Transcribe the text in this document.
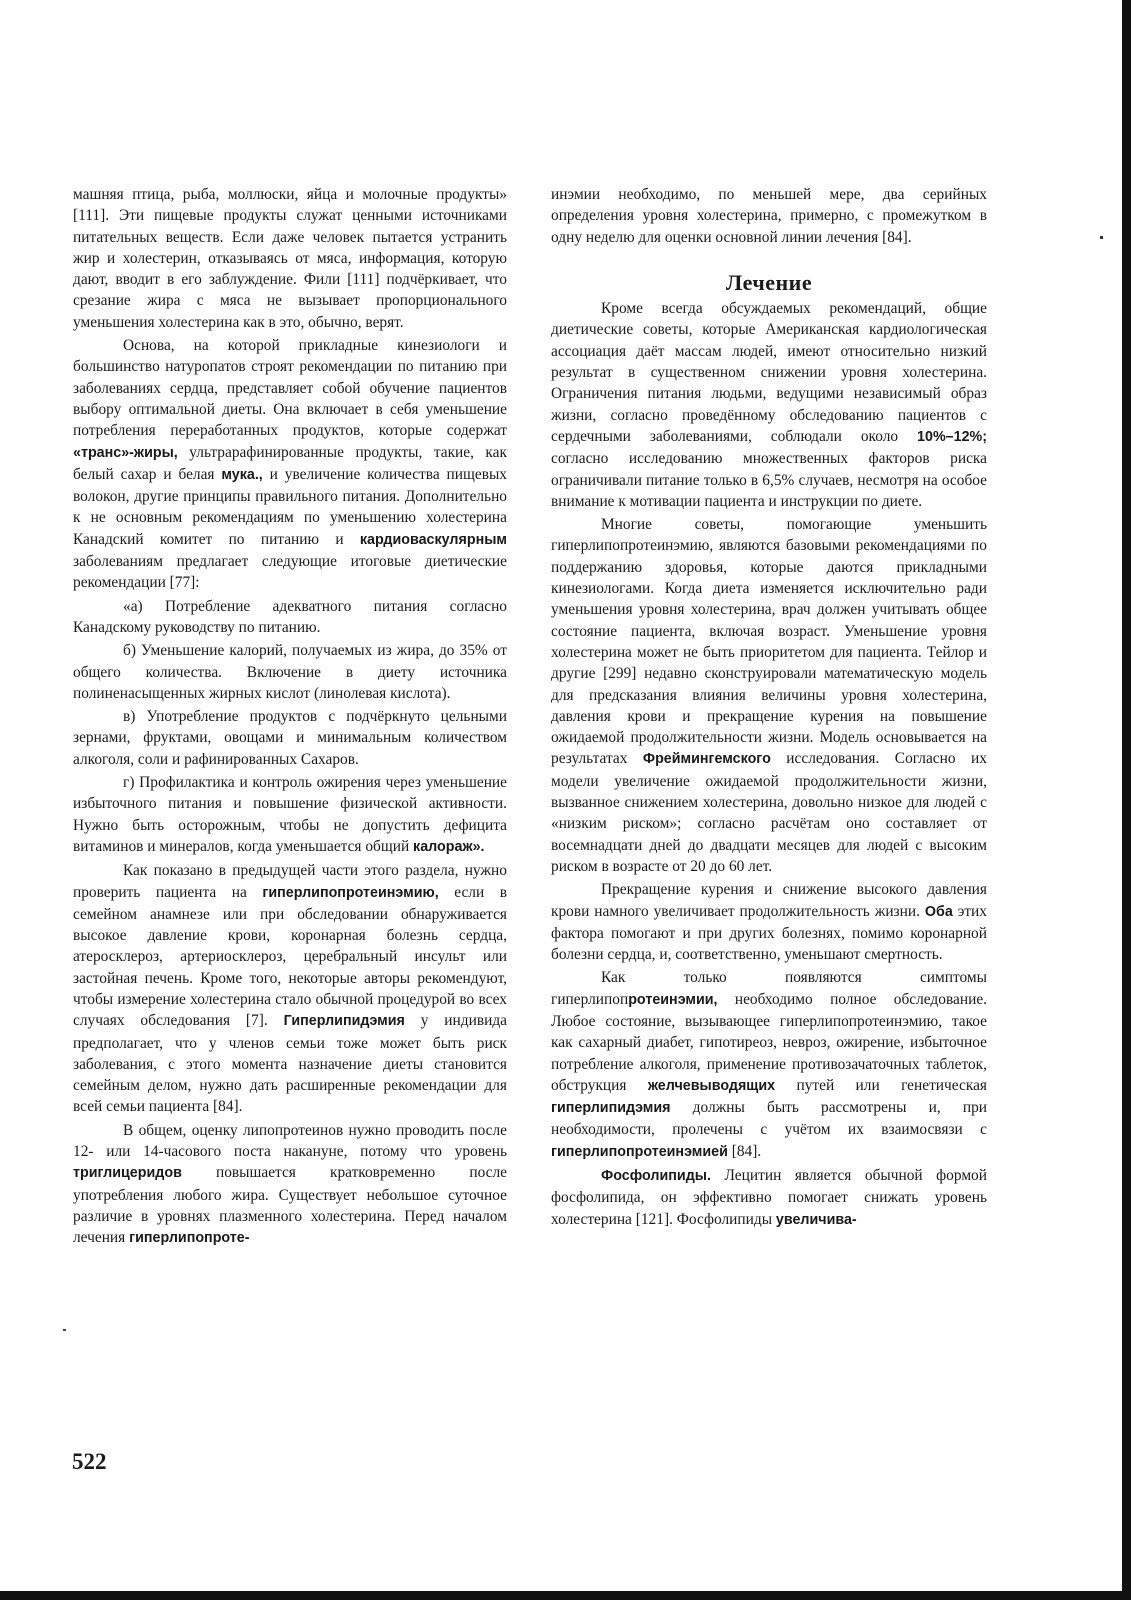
машняя птица, рыба, моллюски, яйца и молочные продукты» [111]. Эти пищевые продукты служат ценными источниками питательных веществ. Если даже человек пытается устранить жир и холестерин, отказываясь от мяса, информация, которую дают, вводит в его заблуждение. Фили [111] подчёркивает, что срезание жира с мяса не вызывает пропорционального уменьшения холестерина как в это, обычно, верят.

Основа, на которой прикладные кинезиологи и большинство натуропатов строят рекомендации по питанию при заболеваниях сердца, представляет собой обучение пациентов выбору оптимальной диеты. Она включает в себя уменьшение потребления переработанных продуктов, которые содержат «транс»-жиры, ультрарафинированные продукты, такие, как белый сахар и белая мука., и увеличение количества пищевых волокон, другие принципы правильного питания. Дополнительно к не основным рекомендациям по уменьшению холестерина Канадский комитет по питанию и кардиоваскулярным заболеваниям предлагает следующие итоговые диетические рекомендации [77]:

«а) Потребление адекватного питания согласно Канадскому руководству по питанию.

б) Уменьшение калорий, получаемых из жира, до 35% от общего количества. Включение в диету источника полиненасыщенных жирных кислот (линолевая кислота).

в) Употребление продуктов с подчёркнуто цельными зернами, фруктами, овощами и минимальным количеством алкоголя, соли и рафинированных Сахаров.

г) Профилактика и контроль ожирения через уменьшение избыточного питания и повышение физической активности. Нужно быть осторожным, чтобы не допустить дефицита витаминов и минералов, когда уменьшается общий калораж».

Как показано в предыдущей части этого раздела, нужно проверить пациента на гиперлипопротеинэмию, если в семейном анамнезе или при обследовании обнаруживается высокое давление крови, коронарная болезнь сердца, атеросклероз, артериосклероз, церебральный инсульт или застойная печень. Кроме того, некоторые авторы рекомендуют, чтобы измерение холестерина стало обычной процедурой во всех случаях обследования [7]. Гиперлипидэмия у индивида предполагает, что у членов семьи тоже может быть риск заболевания, с этого момента назначение диеты становится семейным делом, нужно дать расширенные рекомендации для всей семьи пациента [84].

В общем, оценку липопротеинов нужно проводить после 12- или 14-часового поста накануне, потому что уровень триглицеридов повышается кратковременно после употребления любого жира. Существует небольшое суточное различие в уровнях плазменного холестерина. Перед началом лечения гиперлипопроте-

инэмии необходимо, по меньшей мере, два серийных определения уровня холестерина, примерно, с промежутком в одну неделю для оценки основной линии лечения [84].

Лечение

Кроме всегда обсуждаемых рекомендаций, общие диетические советы, которые Американская кардиологическая ассоциация даёт массам людей, имеют относительно низкий результат в существенном снижении уровня холестерина. Ограничения питания людьми, ведущими независимый образ жизни, согласно проведённому обследованию пациентов с сердечными заболеваниями, соблюдали около 10%–12%; согласно исследованию множественных факторов риска ограничивали питание только в 6,5% случаев, несмотря на особое внимание к мотивации пациента и инструкции по диете.

Многие советы, помогающие уменьшить гиперлипопротеинэмию, являются базовыми рекомендациями по поддержанию здоровья, которые даются прикладными кинезиологами. Когда диета изменяется исключительно ради уменьшения уровня холестерина, врач должен учитывать общее состояние пациента, включая возраст. Уменьшение уровня холестерина может не быть приоритетом для пациента. Тейлор и другие [299] недавно сконструировали математическую модель для предсказания влияния величины уровня холестерина, давления крови и прекращение курения на повышение ожидаемой продолжительности жизни. Модель основывается на результатах Фреймингемского исследования. Согласно их модели увеличение ожидаемой продолжительности жизни, вызванное снижением холестерина, довольно низкое для людей с «низким риском»; согласно расчётам оно составляет от восемнадцати дней до двадцати месяцев для людей с высоким риском в возрасте от 20 до 60 лет.

Прекращение курения и снижение высокого давления крови намного увеличивает продолжительность жизни. Оба этих фактора помогают и при других болезнях, помимо коронарной болезни сердца, и, соответственно, уменьшают смертность.

Как только появляются симптомы гиперлипопротеинэмии, необходимо полное обследование. Любое состояние, вызывающее гиперлипопротеинэмию, такое как сахарный диабет, гипотиреоз, невроз, ожирение, избыточное потребление алкоголя, применение противозачаточных таблеток, обструкция желчевыводящих путей или генетическая гиперлипидэмия должны быть рассмотрены и, при необходимости, пролечены с учётом их взаимосвязи с гиперлипопротеинэмией [84].

Фосфолипиды. Лецитин является обычной формой фосфолипида, он эффективно помогает снижать уровень холестерина [121]. Фосфолипиды увеличива-

522
